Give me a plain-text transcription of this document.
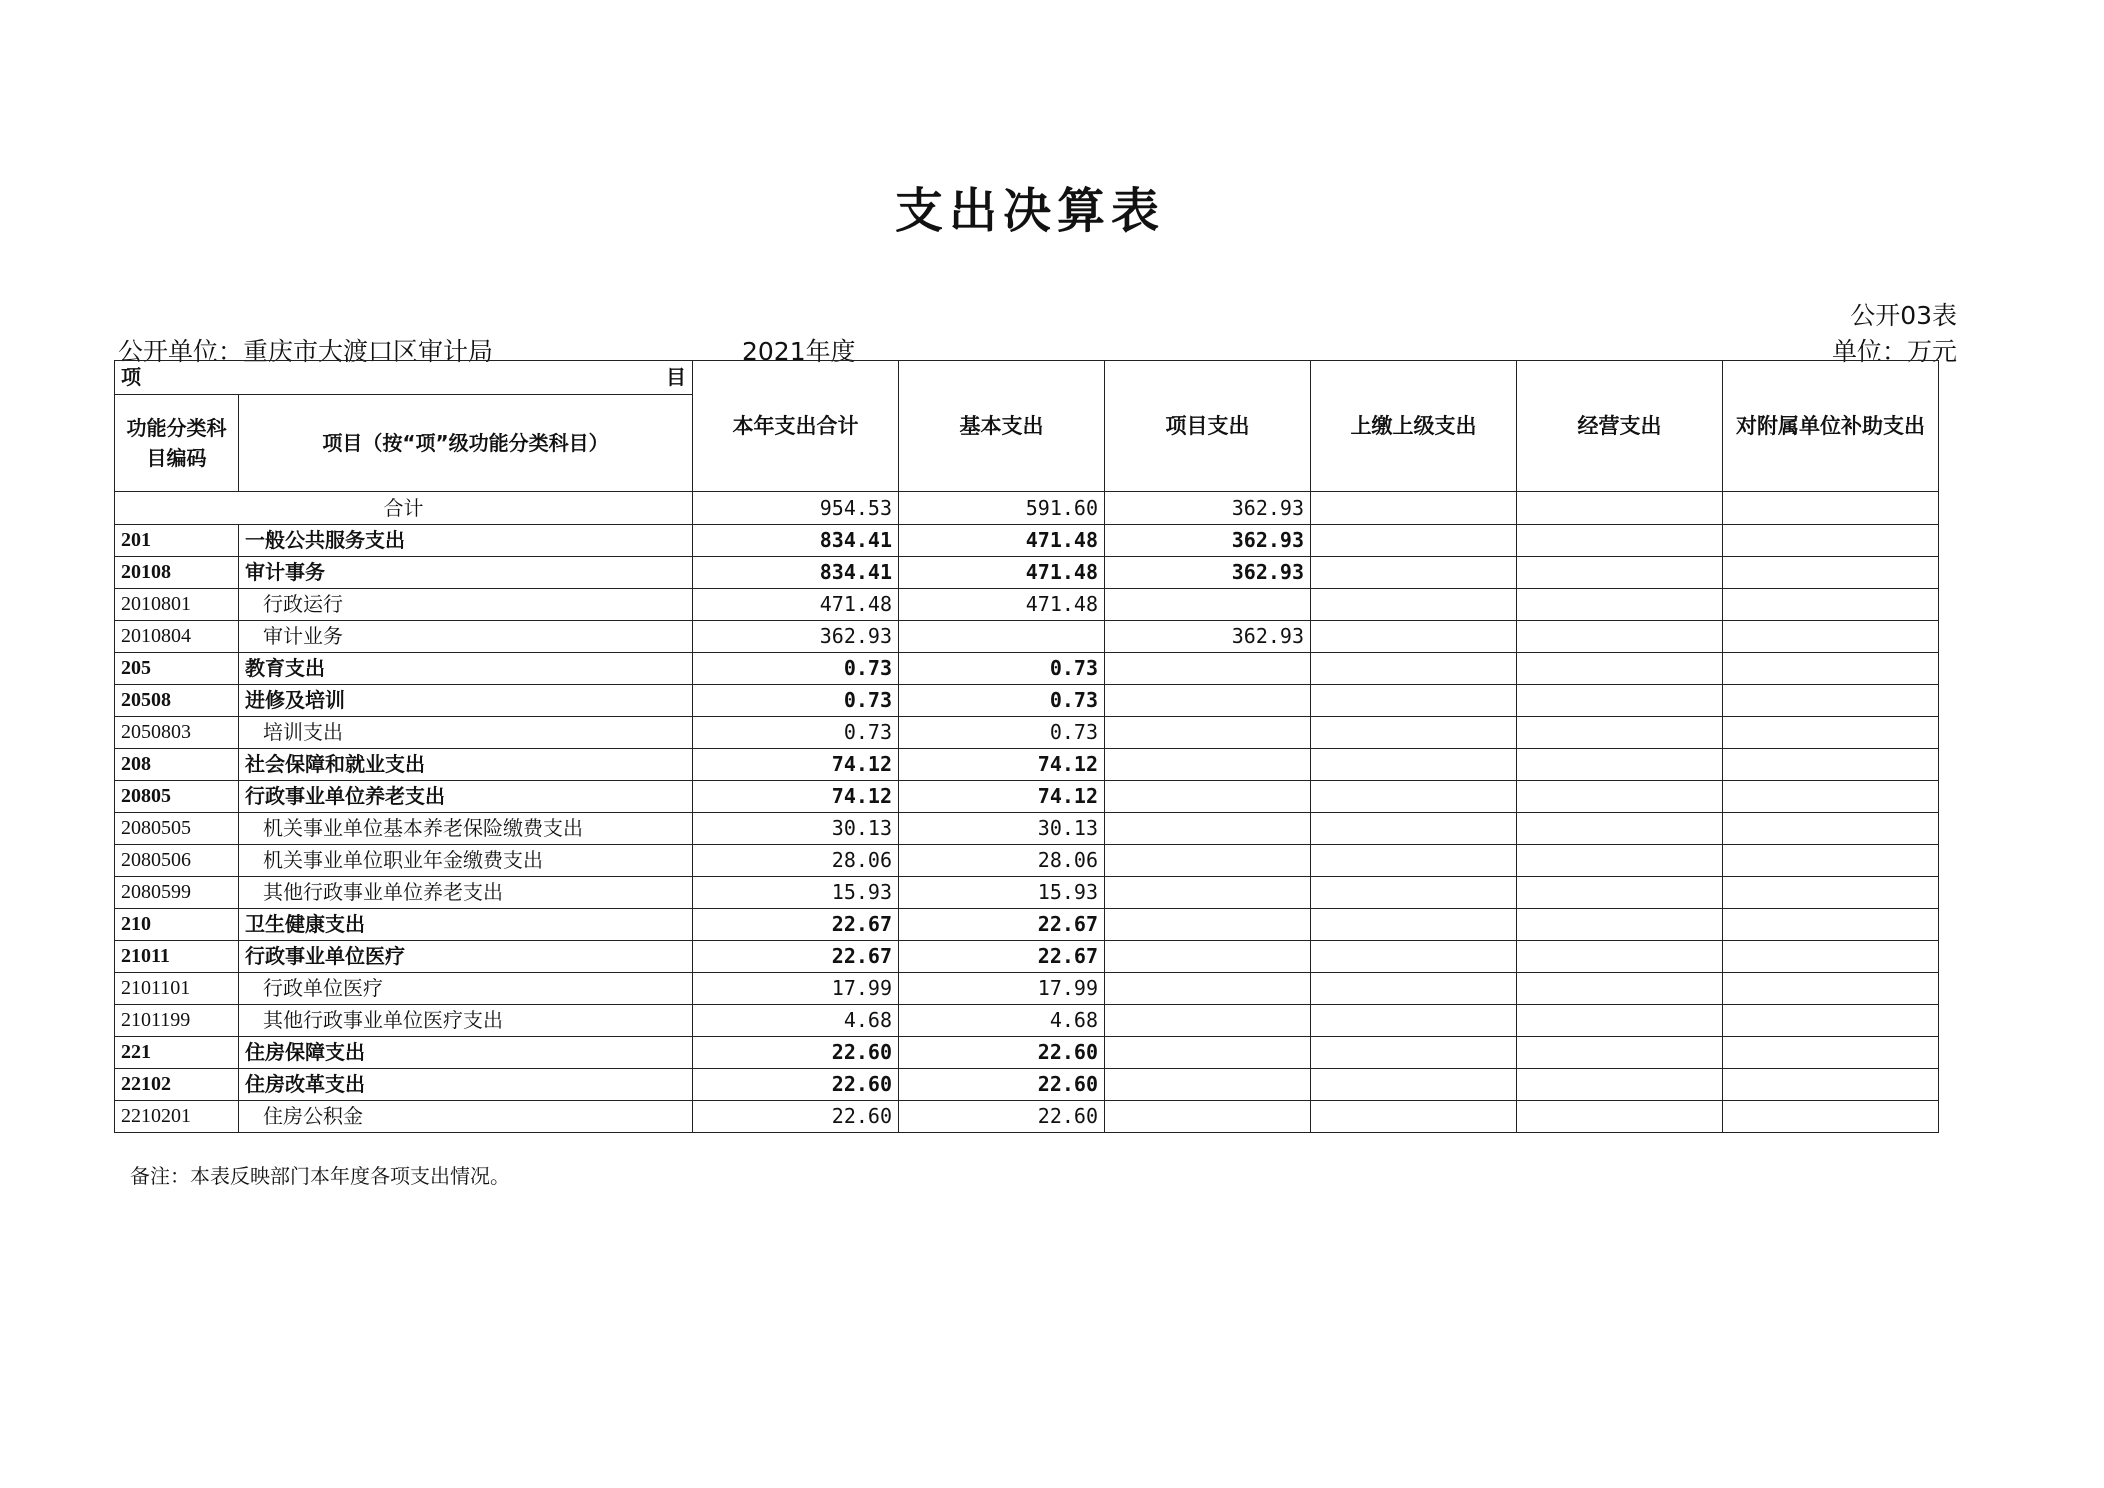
支出决算表
公开03表
公开单位：重庆市大渡口区审计局	2021年度	单位：万元
项 目		本年支出合计	基本支出	项目支出	上缴上级支出	经营支出	对附属单位补助支出
功能分类科目编码	项目（按“项”级功能分类科目）						
合计		954.53	591.60	362.93			
201	一般公共服务支出	834.41	471.48	362.93			
20108	审计事务	834.41	471.48	362.93			
2010801	行政运行	471.48	471.48				
2010804	审计业务	362.93		362.93			
205	教育支出	0.73	0.73				
20508	进修及培训	0.73	0.73				
2050803	培训支出	0.73	0.73				
208	社会保障和就业支出	74.12	74.12				
20805	行政事业单位养老支出	74.12	74.12				
2080505	机关事业单位基本养老保险缴费支出	30.13	30.13				
2080506	机关事业单位职业年金缴费支出	28.06	28.06				
2080599	其他行政事业单位养老支出	15.93	15.93				
210	卫生健康支出	22.67	22.67				
21011	行政事业单位医疗	22.67	22.67				
2101101	行政单位医疗	17.99	17.99				
2101199	其他行政事业单位医疗支出	4.68	4.68				
221	住房保障支出	22.60	22.60				
22102	住房改革支出	22.60	22.60				
2210201	住房公积金	22.60	22.60				
备注：本表反映部门本年度各项支出情况。
